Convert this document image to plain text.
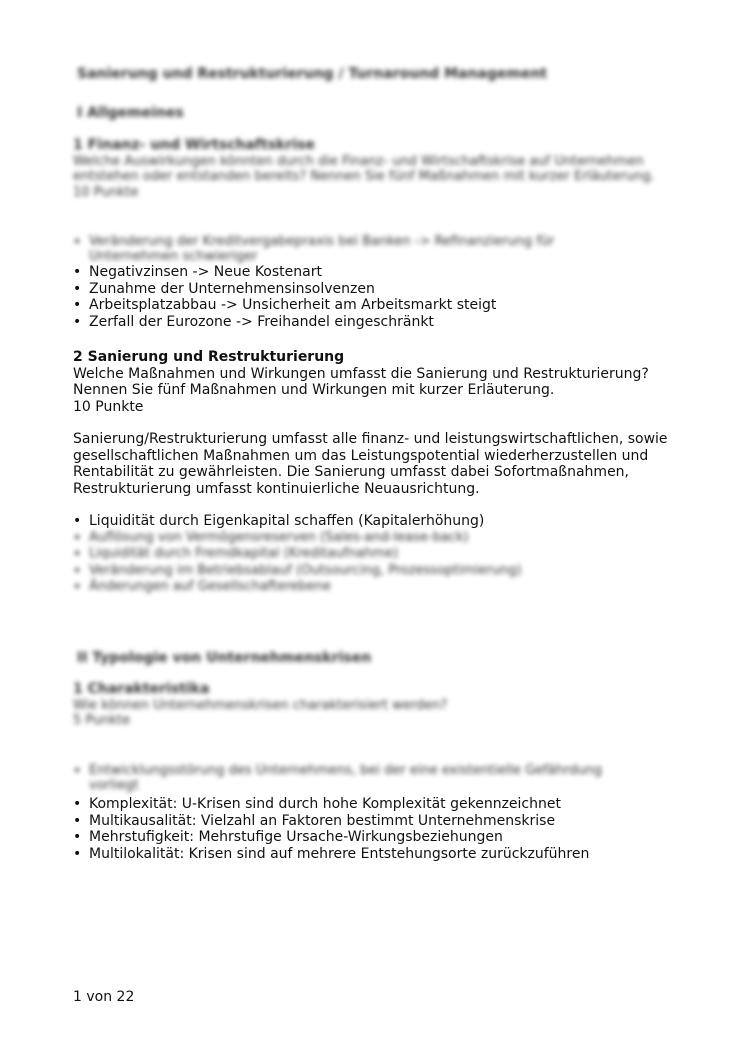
Sanierung und Restrukturierung / Turnaround Management
I Allgemeines
1 Finanz- und Wirtschaftskrise

Welche Auswirkungen könnten durch die Finanz- und Wirtschaftskrise auf Unternehmen entstehen oder entstanden bereits? Nennen Sie fünf Maßnahmen mit kurzer Erläuterung.

10 Punkte
• Veränderung der Kreditvergabepraxis bei Banken -> Refinanzierung für Unternehmen schwieriger
• Negativzinsen -> Neue Kostenart
• Zunahme der Unternehmensinsolvenzen
• Arbeitsplatzabbau -> Unsicherheit am Arbeitsmarkt steigt
• Zerfall der Eurozone -> Freihandel eingeschränkt
2 Sanierung und Restrukturierung
Welche Maßnahmen und Wirkungen umfasst die Sanierung und Restrukturierung?
Nennen Sie fünf Maßnahmen und Wirkungen mit kurzer Erläuterung.
10 Punkte
Sanierung/Restrukturierung umfasst alle finanz- und leistungswirtschaftlichen, sowie
gesellschaftlichen Maßnahmen um das Leistungspotential wiederherzustellen und
Rentabilität zu gewährleisten. Die Sanierung umfasst dabei Sofortmaßnahmen,
Restrukturierung umfasst kontinuierliche Neuausrichtung.
• Liquidität durch Eigenkapital schaffen (Kapitalerhöhung)
• Auflösung von Vermögensreserven (Sales-and-lease-back)
• Liquidität durch Fremdkapital (Kreditaufnahme)
• Veränderung im Betriebsablauf (Outsourcing, Prozessoptimierung)
• Änderungen auf Gesellschafterebene
II Typologie von Unternehmenskrisen
1 Charakteristika
Wie können Unternehmenskrisen charakterisiert werden?
5 Punkte
• Entwicklungsstörung des Unternehmens, bei der eine existentielle Gefährdung vorliegt
• Komplexität: U-Krisen sind durch hohe Komplexität gekennzeichnet
• Multikausalität: Vielzahl an Faktoren bestimmt Unternehmenskrise
• Mehrstufigkeit: Mehrstufige Ursache-Wirkungsbeziehungen
• Multilokalität: Krisen sind auf mehrere Entstehungsorte zurückzuführen
1 von 22
